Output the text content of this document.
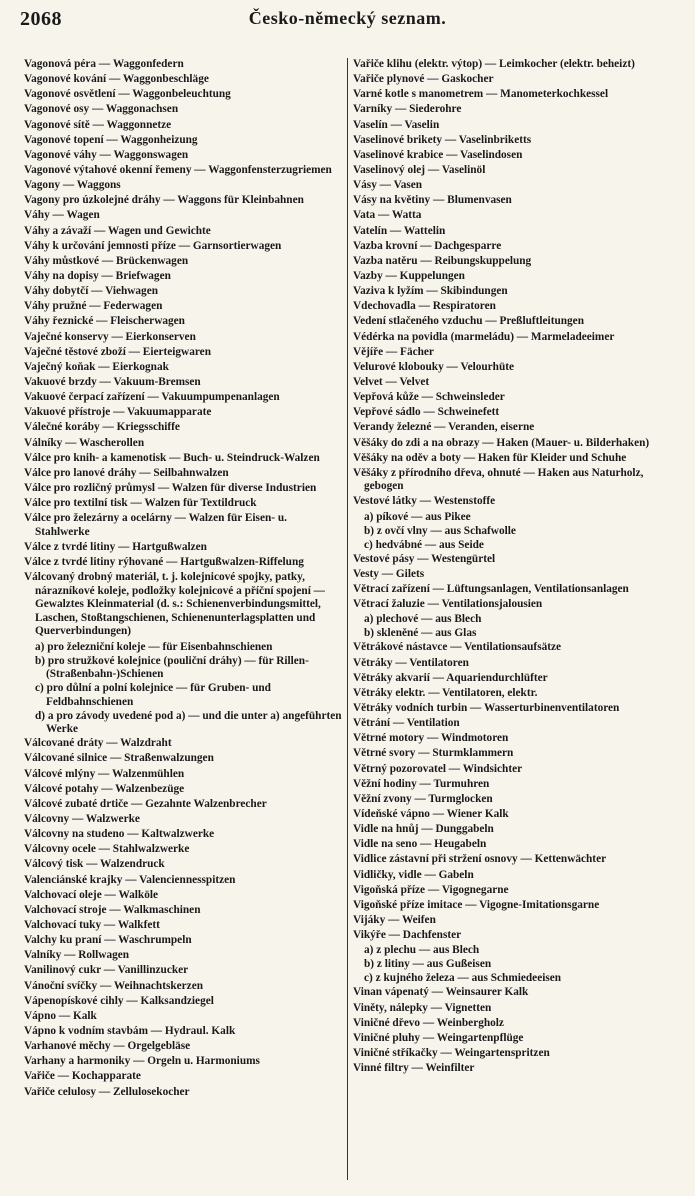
2068	Česko-německý seznam.
Vagonová péra — Waggonfedern
Vagonové kování — Waggonbeschläge
Vagonové osvětlení — Waggonbeleuchtung
Vagonové osy — Waggonachsen
Vagonové sítě — Waggonnetze
Vagonové topení — Waggonheizung
Vagonové váhy — Waggonswagen
Vagonové výtahové okenní řemeny — Waggonfensterzugriemen
Vagony — Waggons
Vagony pro úzkolejné dráhy — Waggons für Kleinbahnen
Váhy — Wagen
Váhy a závaží — Wagen und Gewichte
Váhy k určování jemnosti příze — Garnsortierwagen
Váhy můstkové — Brückenwagen
Váhy na dopisy — Briefwagen
Váhy dobytčí — Viehwagen
Váhy pružné — Federwagen
Váhy řeznické — Fleischerwagen
Vaječné konservy — Eierkonserven
Vaječné těstové zboží — Eierteigwaren
Vaječný koňak — Eierkognak
Vakuové brzdy — Vakuum-Bremsen
Vakuové čerpací zařízení — Vakuumpumpenanlagen
Vakuové přístroje — Vakuumapparate
Válečné koráby — Kriegsschiffe
Válníky — Wascherollen
Válce pro knih- a kamenotisk — Buch- u. Steindruck-Walzen
Válce pro lanové dráhy — Seilbahnwalzen
Válce pro rozličný průmysl — Walzen für diverse Industrien
Válce pro textilní tisk — Walzen für Textildruck
Válce pro železárny a ocelárny — Walzen für Eisen- u. Stahlwerke
Válce z tvrdé litiny — Hartgußwalzen
Válce z tvrdé litiny rýhované — Hartgußwalzen-Riffelung
Válcovaný drobný materiál, t. j. kolejnicové spojky, patky, nárazníkové koleje, podložky kolejnicové a příční spojení — Gewalztes Kleinmaterial (d. s.: Schienenverbindungsmittel, Laschen, Stoßtangschienen, Schienenunterlagsplatten und Querverbindungen)
a) pro železniční koleje — für Eisenbahnschienen
b) pro stružkové kolejnice (pouliční dráhy) — für Rillen-(Straßenbahn-)Schienen
c) pro důlní a polní kolejnice — für Gruben- und Feldbahnschienen
d) a pro závody uvedené pod a) — und die unter a) angeführten Werke
Válcované dráty — Walzdraht
Válcované silnice — Straßenwalzungen
Válcové mlýny — Walzenmühlen
Válcové potahy — Walzenbezüge
Válcové zubaté drtiče — Gezahnte Walzenbrecher
Válcovny — Walzwerke
Válcovny na studeno — Kaltwalzwerke
Válcovny ocele — Stahlwalzwerke
Válcový tisk — Walzendruck
Valenciánské krajky — Valenciennesspitzen
Valchovací oleje — Walköle
Valchovací stroje — Walkmaschinen
Valchovací tuky — Walkfett
Valchy ku praní — Waschrumpeln
Valníky — Rollwagen
Vanilinový cukr — Vanillinzucker
Vánoční svíčky — Weihnachtskerzen
Vápenopískové cihly — Kalksandziegel
Vápno — Kalk
Vápno k vodním stavbám — Hydraul. Kalk
Varhanové měchy — Orgelgebläse
Varhany a harmoniky — Orgeln u. Harmoniums
Vařiče — Kochapparate
Vařiče celulosy — Zellulosekocher
Vařiče klihu (elektr. výtop) — Leimkocher (elektr. beheizt)
Vařiče plynové — Gaskocher
Varné kotle s manometrem — Manometerkochkessel
Varníky — Siederohre
Vaselín — Vaselin
Vaselinové brikety — Vaselinbriketts
Vaselinové krabice — Vaselindosen
Vaselinový olej — Vaselinöl
Vásy — Vasen
Vásy na květiny — Blumenvasen
Vata — Watta
Vatelín — Wattelin
Vazba krovní — Dachgesparre
Vazba natěru — Reibungskuppelung
Vazby — Kuppelungen
Vaziva k lyžím — Skibindungen
Vdechovadla — Respiratoren
Vedení stlačeného vzduchu — Preßluftleitungen
Védérka na povidla (marmeládu) — Marmeladeeimer
Vějíře — Fächer
Velurové klobouky — Velourhüte
Velvet — Velvet
Vepřová kůže — Schweinsleder
Vepřové sádlo — Schweinefett
Verandy železné — Veranden, eiserne
Věšáky do zdi a na obrazy — Haken (Mauer- u. Bilderhaken)
Věšáky na oděv a boty — Haken für Kleider und Schuhe
Věšáky z přírodního dřeva, ohnuté — Haken aus Naturholz, gebogen
Vestové látky — Westenstoffe
a) píkové — aus Pikee
b) z ovčí vlny — aus Schafwolle
c) hedvábné — aus Seide
Vestové pásy — Westengürtel
Vesty — Gilets
Větrací zařízení — Lüftungsanlagen, Ventilationsanlagen
Větrací žaluzie — Ventilationsjalousien
a) plechové — aus Blech
b) skleněné — aus Glas
Větrákové nástavce — Ventilationsaufsätze
Větráky — Ventilatoren
Větráky akvarií — Aquariendurchlüfter
Větráky elektr. — Ventilatoren, elektr.
Větráky vodních turbin — Wasserturbinenventilatoren
Větrání — Ventilation
Větrné motory — Windmotoren
Větrné svory — Sturmklammern
Větrný pozorovatel — Windsichter
Věžní hodiny — Turmuhren
Věžní zvony — Turmglocken
Vídeňské vápno — Wiener Kalk
Vidle na hnůj — Dunggabeln
Vidle na seno — Heugabeln
Vidlice zástavní při stržení osnovy — Kettenwächter
Vidličky, vidle — Gabeln
Vigoňská příze — Vigognegarne
Vigoňské příze imitace — Vigogne-Imitationsgarne
Vijáky — Weifen
Vikýře — Dachfenster
a) z plechu — aus Blech
b) z litiny — aus Gußeisen
c) z kujného železa — aus Schmiedeeisen
Vinan vápenatý — Weinsaurer Kalk
Viněty, nálepky — Vignetten
Viničné dřevo — Weinbergholz
Viničné pluhy — Weingartenpflüge
Viničné stříkačky — Weingartenspritzen
Vinné filtry — Weinfilter
